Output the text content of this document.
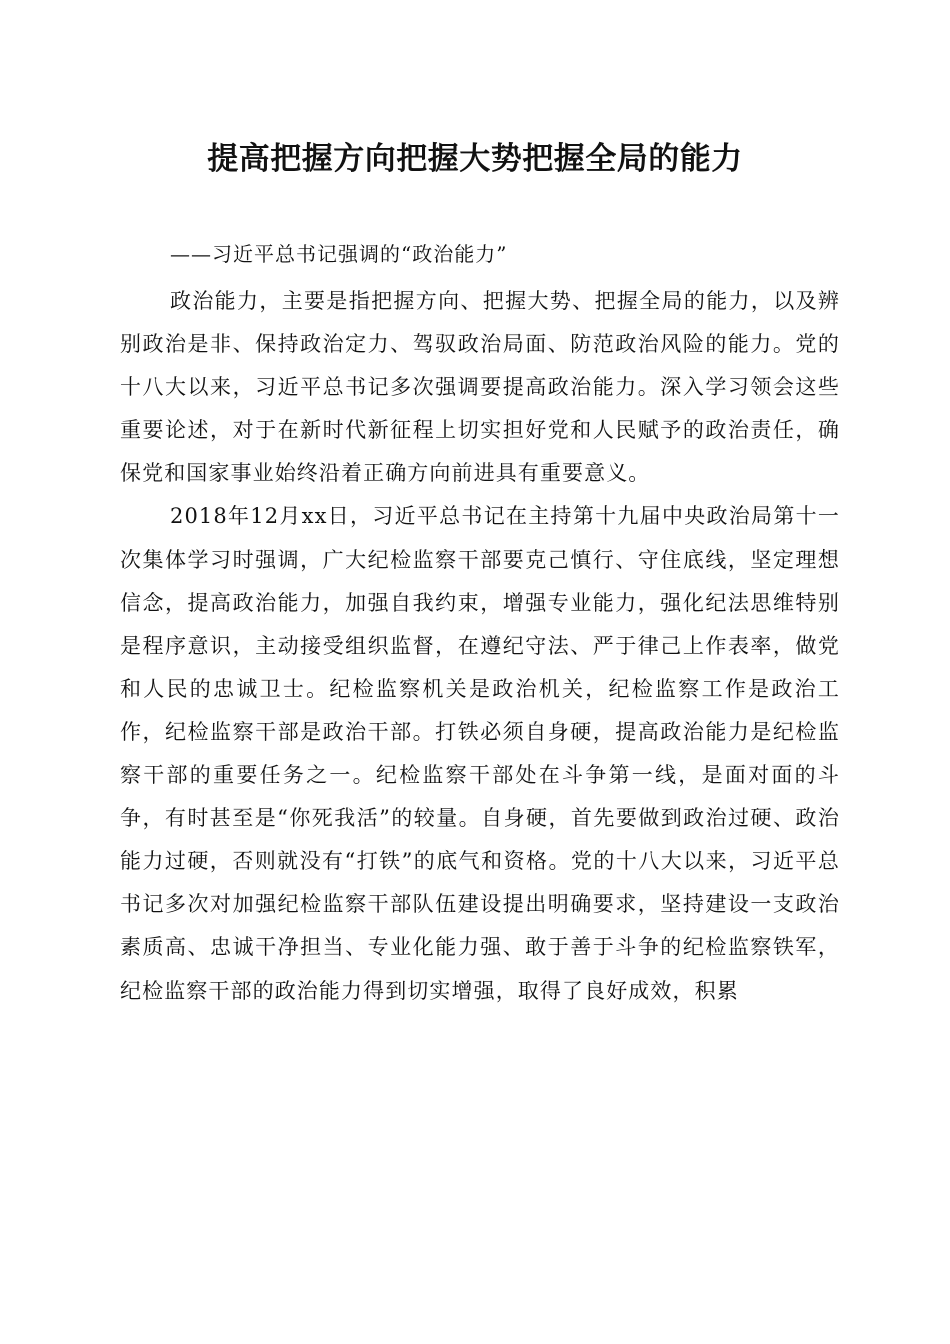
提高把握方向把握大势把握全局的能力

——习近平总书记强调的“政治能力”

政治能力，主要是指把握方向、把握大势、把握全局的能力，以及辨别政治是非、保持政治定力、驾驭政治局面、防范政治风险的能力。党的十八大以来，习近平总书记多次强调要提高政治能力。深入学习领会这些重要论述，对于在新时代新征程上切实担好党和人民赋予的政治责任，确保党和国家事业始终沿着正确方向前进具有重要意义。

2018年12月xx日，习近平总书记在主持第十九届中央政治局第十一次集体学习时强调，广大纪检监察干部要克己慎行、守住底线，坚定理想信念，提高政治能力，加强自我约束，增强专业能力，强化纪法思维特别是程序意识，主动接受组织监督，在遵纪守法、严于律己上作表率，做党和人民的忠诚卫士。纪检监察机关是政治机关，纪检监察工作是政治工作，纪检监察干部是政治干部。打铁必须自身硬，提高政治能力是纪检监察干部的重要任务之一。纪检监察干部处在斗争第一线，是面对面的斗争，有时甚至是“你死我活”的较量。自身硬，首先要做到政治过硬、政治能力过硬，否则就没有“打铁”的底气和资格。党的十八大以来，习近平总书记多次对加强纪检监察干部队伍建设提出明确要求，坚持建设一支政治素质高、忠诚干净担当、专业化能力强、敢于善于斗争的纪检监察铁军，纪检监察干部的政治能力得到切实增强，取得了良好成效，积累
